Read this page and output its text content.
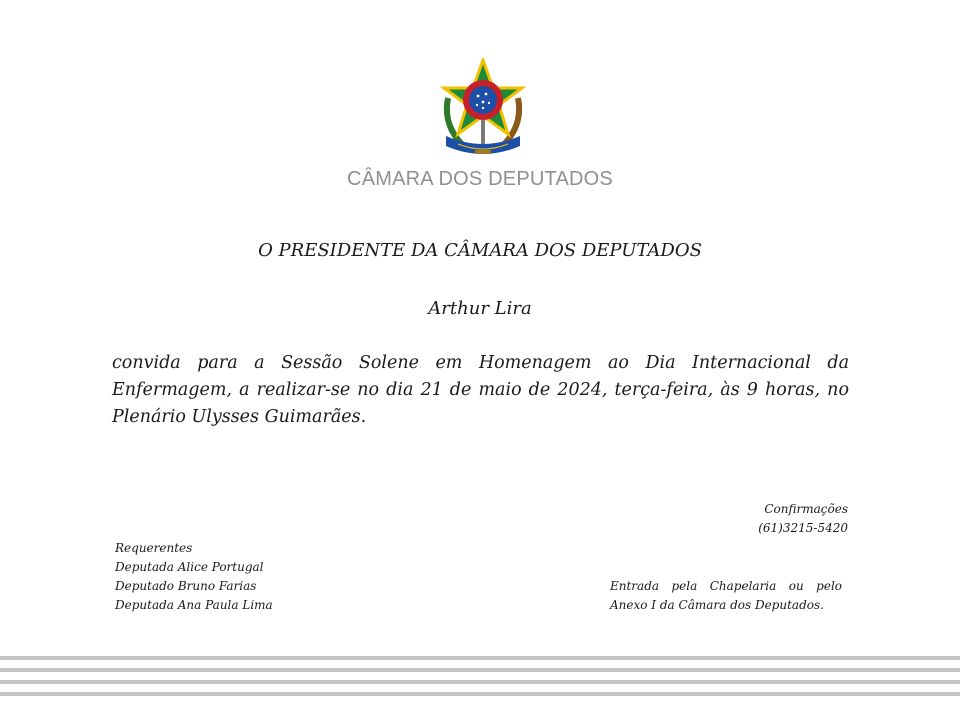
CÂMARA DOS DEPUTADOS
O PRESIDENTE DA CÂMARA DOS DEPUTADOS
Arthur Lira
convida para a Sessão Solene em Homenagem ao Dia Internacional da Enfermagem, a realizar-se no dia 21 de maio de 2024, terça-feira, às 9 horas, no Plenário Ulysses Guimarães.
Confirmações
(61)3215-5420
Requerentes
Deputada Alice Portugal
Deputado Bruno Farias
Deputada Ana Paula Lima
Entrada pela Chapelaria ou pelo Anexo I da Câmara dos Deputados.
